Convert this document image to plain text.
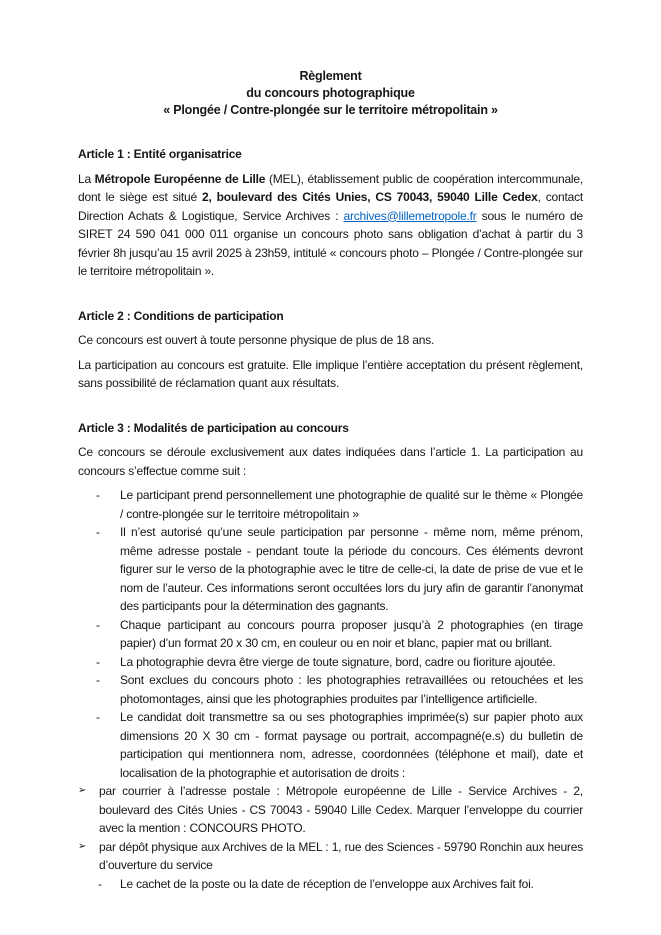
Règlement
du concours photographique
« Plongée / Contre-plongée sur le territoire métropolitain »
Article 1 : Entité organisatrice

La Métropole Européenne de Lille (MEL), établissement public de coopération intercommunale, dont le siège est situé 2, boulevard des Cités Unies, CS 70043, 59040 Lille Cedex, contact Direction Achats & Logistique, Service Archives : archives@lillemetropole.fr sous le numéro de SIRET 24 590 041 000 011 organise un concours photo sans obligation d’achat à partir du 3 février 8h jusqu’au 15 avril 2025 à 23h59, intitulé « concours photo – Plongée / Contre-plongée sur le territoire métropolitain ».

Article 2 : Conditions de participation

Ce concours est ouvert à toute personne physique de plus de 18 ans.

La participation au concours est gratuite. Elle implique l’entière acceptation du présent règlement, sans possibilité de réclamation quant aux résultats.

Article 3 : Modalités de participation au concours

Ce concours se déroule exclusivement aux dates indiquées dans l’article 1. La participation au concours s’effectue comme suit :

-	Le participant prend personnellement une photographie de qualité sur le thème « Plongée / contre-plongée sur le territoire métropolitain »
-	Il n’est autorisé qu’une seule participation par personne - même nom, même prénom, même adresse postale - pendant toute la période du concours. Ces éléments devront figurer sur le verso de la photographie avec le titre de celle-ci, la date de prise de vue et le nom de l’auteur. Ces informations seront occultées lors du jury afin de garantir l’anonymat des participants pour la détermination des gagnants.
-	Chaque participant au concours pourra proposer jusqu’à 2 photographies (en tirage papier) d’un format 20 x 30 cm, en couleur ou en noir et blanc, papier mat ou brillant.
-	La photographie devra être vierge de toute signature, bord, cadre ou fioriture ajoutée.
-	Sont exclues du concours photo : les photographies retravaillées ou retouchées et les photomontages, ainsi que les photographies produites par l’intelligence artificielle.
-	Le candidat doit transmettre sa ou ses photographies imprimée(s) sur papier photo aux dimensions 20 X 30 cm - format paysage ou portrait, accompagné(e.s) du bulletin de participation qui mentionnera nom, adresse, coordonnées (téléphone et mail), date et localisation de la photographie et autorisation de droits :
➢	par courrier à l’adresse postale : Métropole européenne de Lille - Service Archives - 2, boulevard des Cités Unies - CS 70043 - 59040 Lille Cedex. Marquer l’enveloppe du courrier avec la mention : CONCOURS PHOTO.
➢	par dépôt physique aux Archives de la MEL : 1, rue des Sciences - 59790 Ronchin aux heures d’ouverture du service
-	Le cachet de la poste ou la date de réception de l’enveloppe aux Archives fait foi.
